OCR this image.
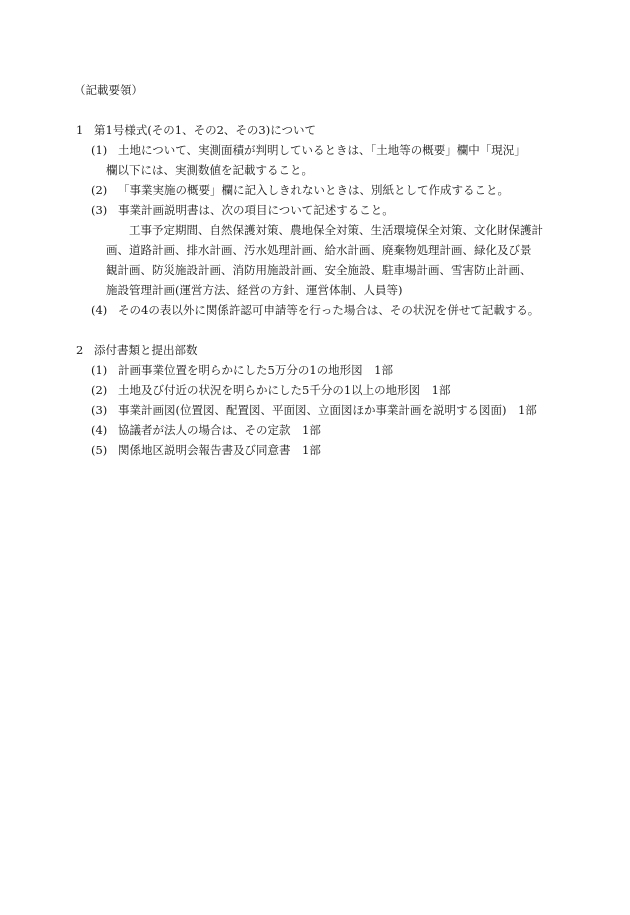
（記載要領）
1 第1号様式(その1、その2、その3)について
(1) 土地について、実測面積が判明しているときは、「土地等の概要」欄中「現況」
欄以下には、実測数値を記載すること。
(2) 「事業実施の概要」欄に記入しきれないときは、別紙として作成すること。
(3) 事業計画説明書は、次の項目について記述すること。
工事予定期間、自然保護対策、農地保全対策、生活環境保全対策、文化財保護計
画、道路計画、排水計画、汚水処理計画、給水計画、廃棄物処理計画、緑化及び景
観計画、防災施設計画、消防用施設計画、安全施設、駐車場計画、雪害防止計画、
施設管理計画(運営方法、経営の方針、運営体制、人員等)
(4) その4の表以外に関係許認可申請等を行った場合は、その状況を併せて記載する。
2 添付書類と提出部数
(1) 計画事業位置を明らかにした5万分の1の地形図　1部
(2) 土地及び付近の状況を明らかにした5千分の1以上の地形図　1部
(3) 事業計画図(位置図、配置図、平面図、立面図ほか事業計画を説明する図面)　1部
(4) 協議者が法人の場合は、その定款　1部
(5) 関係地区説明会報告書及び同意書　1部
